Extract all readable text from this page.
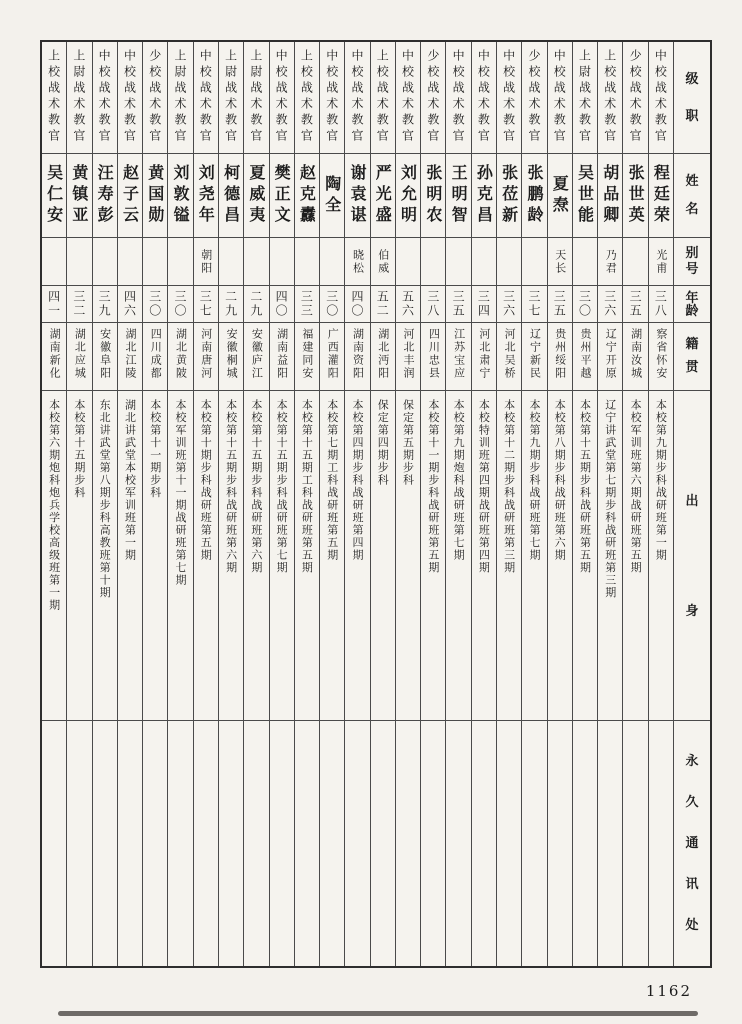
级
职
姓
名
别
号
年
龄
籍
贯
出
身
永
久
通
讯
处
中校战术教官
程廷荣
光甫
三八
察省怀安
本校第九期步科战研班第一期
少校战术教官
张世英
三五
湖南汝城
本校军训班第六期战研班第五期
上校战术教官
胡品卿
乃君
三六
辽宁开原
辽宁讲武堂第七期步科战研班第三期
上尉战术教官
吴世能
三〇
贵州平越
本校第十五期步科战研班第五期
中校战术教官
夏焘
天长
三五
贵州绥阳
本校第八期步科战研班第六期
少校战术教官
张鹏龄
三七
辽宁新民
本校第九期步科战研班第七期
中校战术教官
张莅新
三六
河北吴桥
本校第十二期步科战研班第三期
中校战术教官
孙克昌
三四
河北肃宁
本校特训班第四期战研班第四期
中校战术教官
王明智
三五
江苏宝应
本校第九期炮科战研班第七期
少校战术教官
张明农
三八
四川忠县
本校第十一期步科战研班第五期
中校战术教官
刘允明
五六
河北丰润
保定第五期步科
上校战术教官
严光盛
伯威
五二
湖北沔阳
保定第四期步科
中校战术教官
谢袁谌
晓松
四〇
湖南资阳
本校第四期步科战研班第四期
中校战术教官
陶全
三〇
广西灌阳
本校第七期工科战研班第五期
上校战术教官
赵克纛
三三
福建同安
本校第十五期工科战研班第五期
中校战术教官
樊正文
四〇
湖南益阳
本校第十五期步科战研班第七期
上尉战术教官
夏威夷
二九
安徽庐江
本校第十五期步科战研班第六期
上尉战术教官
柯德昌
二九
安徽桐城
本校第十五期步科战研班第六期
中校战术教官
刘尧年
朝阳
三七
河南唐河
本校第十期步科战研班第五期
上尉战术教官
刘敦镒
三〇
湖北黄陂
本校军训班第十一期战研班第七期
少校战术教官
黄国勋
三〇
四川成都
本校第十一期步科
中校战术教官
赵子云
四六
湖北江陵
湖北讲武堂本校军训班第一期
中校战术教官
汪寿彭
三九
安徽阜阳
东北讲武堂第八期步科高教班第十期
上尉战术教官
黄镇亚
三二
湖北应城
本校第十五期步科
上校战术教官
吴仁安
四一
湖南新化
本校第六期炮科炮兵学校高级班第一期
1162
